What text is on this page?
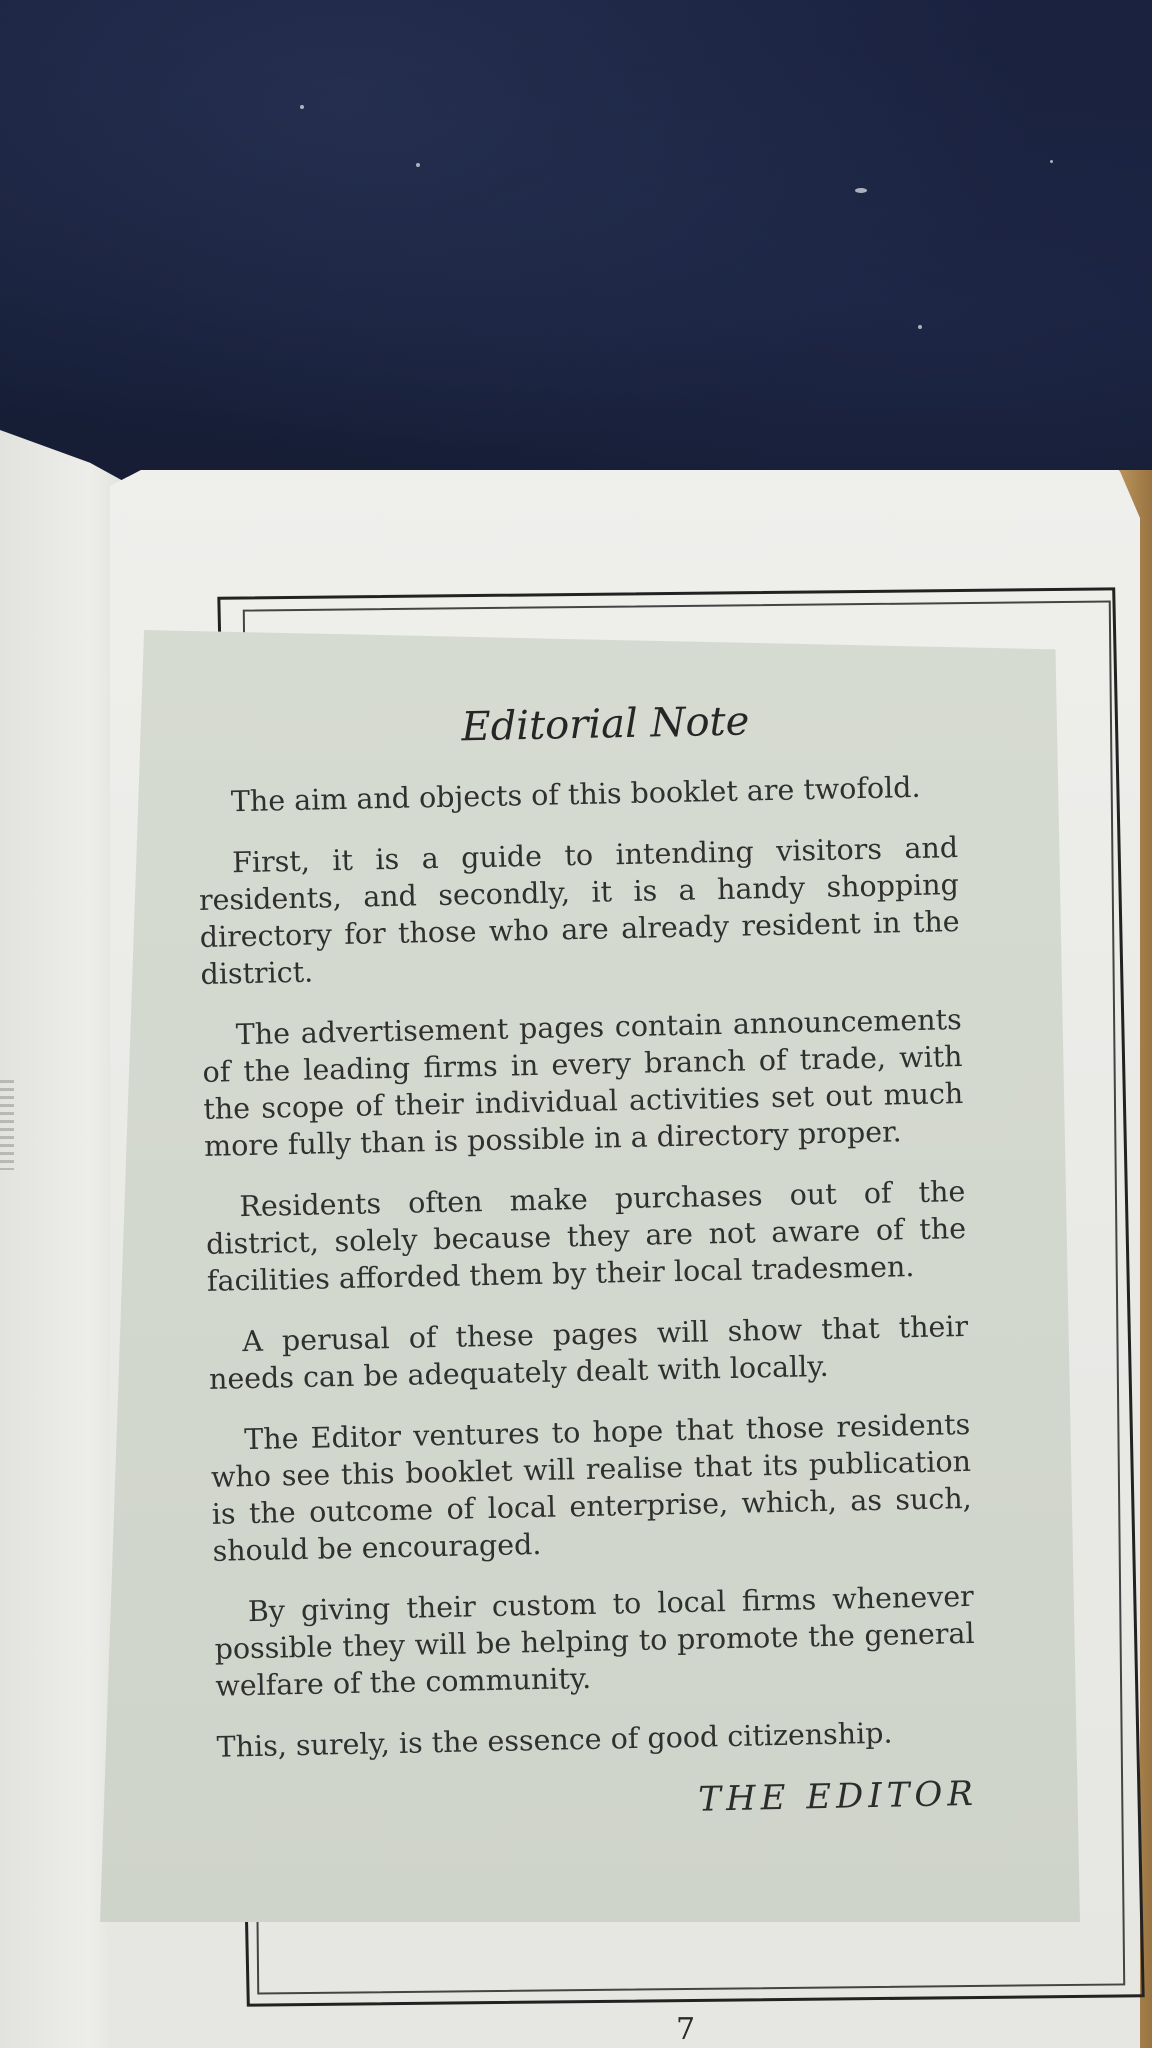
Editorial Note

The aim and objects of this booklet are twofold.

First, it is a guide to intending visitors and residents, and secondly, it is a handy shopping directory for those who are already resident in the district.

The advertisement pages contain announcements of the leading firms in every branch of trade, with the scope of their individual activities set out much more fully than is possible in a directory proper.

Residents often make purchases out of the district, solely because they are not aware of the facilities afforded them by their local tradesmen.

A perusal of these pages will show that their needs can be adequately dealt with locally.

The Editor ventures to hope that those residents who see this booklet will realise that its publication is the outcome of local enterprise, which, as such, should be encouraged.

By giving their custom to local firms whenever possible they will be helping to promote the general welfare of the community.

This, surely, is the essence of good citizenship.

THE EDITOR
7
